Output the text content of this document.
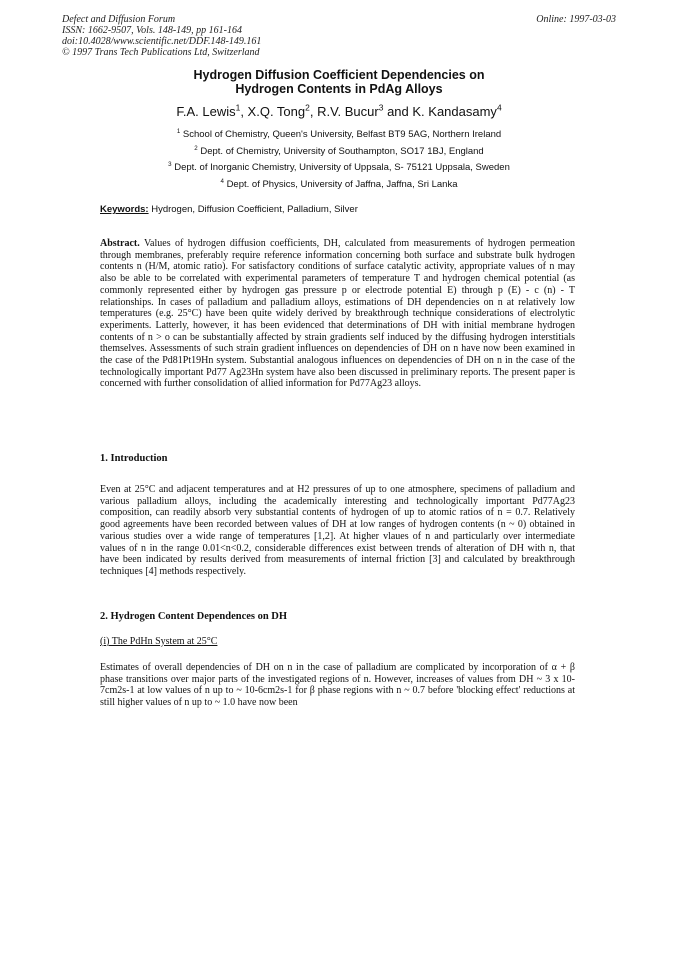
Defect and Diffusion Forum
ISSN: 1662-9507, Vols. 148-149, pp 161-164
doi:10.4028/www.scientific.net/DDF.148-149.161
© 1997 Trans Tech Publications Ltd, Switzerland
Online: 1997-03-03
Hydrogen Diffusion Coefficient Dependencies on
Hydrogen Contents in PdAg Alloys
F.A. Lewis$^1$, X.Q. Tong$^2$, R.V. Bucur$^3$ and K. Kandasamy$^4$
$^1$ School of Chemistry, Queen's University, Belfast BT9 5AG, Northern Ireland
$^2$ Dept. of Chemistry, University of Southampton, SO17 1BJ, England
$^3$ Dept. of Inorganic Chemistry, University of Uppsala, S- 75121 Uppsala, Sweden
$^4$ Dept. of Physics, University of Jaffna, Jaffna, Sri Lanka
Keywords: Hydrogen, Diffusion Coefficient, Palladium, Silver
Abstract. Values of hydrogen diffusion coefficients, DH, calculated from measurements of hydrogen permeation through membranes, preferably require reference information concerning both surface and substrate bulk hydrogen contents n (H/M, atomic ratio). For satisfactory conditions of surface catalytic activity, appropriate values of n may also be able to be correlated with experimental parameters of temperature T and hydrogen chemical potential (as commonly represented either by hydrogen gas pressure p or electrode potential E) through p (E) - c (n) - T relationships. In cases of palladium and palladium alloys, estimations of DH dependencies on n at relatively low temperatures (e.g. 25°C) have been quite widely derived by breakthrough technique considerations of electrolytic experiments. Latterly, however, it has been evidenced that determinations of DH with initial membrane hydrogen contents of n > o can be substantially affected by strain gradients self induced by the diffusing hydrogen interstitials themselves. Assessments of such strain gradient influences on dependencies of DH on n have now been examined in the case of the Pd81Pt19Hn system. Substantial analogous influences on dependencies of DH on n in the case of the technologically important Pd77 Ag23Hn system have also been discussed in preliminary reports. The present paper is concerned with further consolidation of allied information for Pd77Ag23 alloys.
1. Introduction
Even at 25°C and adjacent temperatures and at H2 pressures of up to one atmosphere, specimens of palladium and various palladium alloys, including the academically interesting and technologically important Pd77Ag23 composition, can readily absorb very substantial contents of hydrogen of up to atomic ratios of n = 0.7. Relatively good agreements have been recorded between values of DH at low ranges of hydrogen contents (n ~ 0) obtained in various studies over a wide range of temperatures [1,2]. At higher vlaues of n and particularly over intermediate values of n in the range 0.01<n<0.2, considerable differences exist between trends of alteration of DH with n, that have been indicated by results derived from measurements of internal friction [3] and calculated by breakthrough techniques [4] methods respectively.
2. Hydrogen Content Dependences on DH
(i) The PdHn System at 25°C
Estimates of overall dependencies of DH on n in the case of palladium are complicated by incorporation of α + β phase transitions over major parts of the investigated regions of n. However, increases of values from DH ~ 3 x 10-7cm2s-1 at low values of n up to ~ 10-6cm2s-1 for β phase regions with n ~ 0.7 before 'blocking effect' reductions at still higher values of n up to ~ 1.0 have now been
